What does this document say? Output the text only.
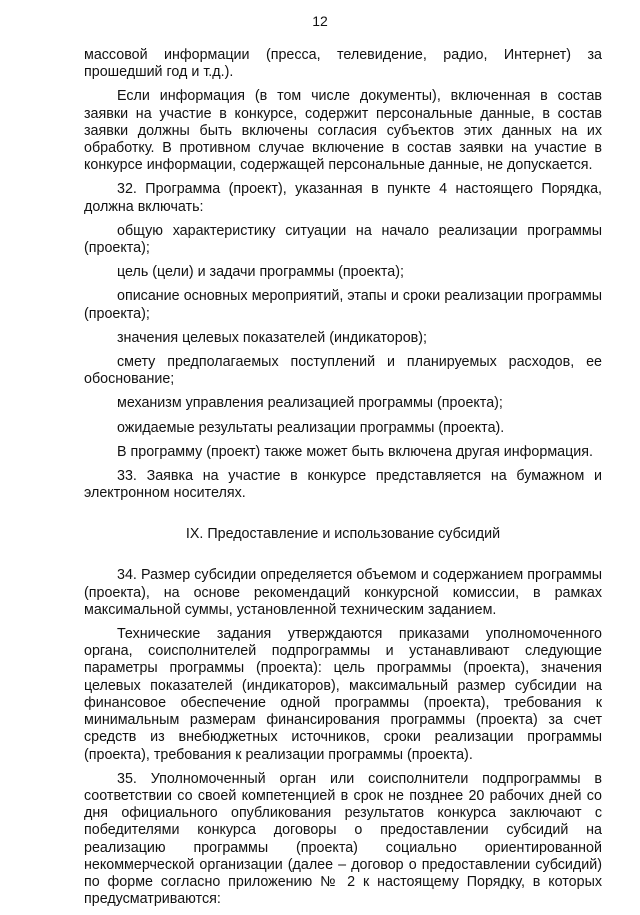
12

массовой информации (пресса, телевидение, радио, Интернет) за прошедший год и т.д.).

Если информация (в том числе документы), включенная в состав заявки на участие в конкурсе, содержит персональные данные, в состав заявки должны быть включены согласия субъектов этих данных на их обработку. В противном случае включение в состав заявки на участие в конкурсе информации, содержащей персональные данные, не допускается.

32. Программа (проект), указанная в пункте 4 настоящего Порядка, должна включать:

общую характеристику ситуации на начало реализации программы (проекта);

цель (цели) и задачи программы (проекта);

описание основных мероприятий, этапы и сроки реализации программы (проекта);

значения целевых показателей (индикаторов);

смету предполагаемых поступлений и планируемых расходов, ее обоснование;

механизм управления реализацией программы (проекта);

ожидаемые результаты реализации программы (проекта).

В программу (проект) также может быть включена другая информация.

33. Заявка на участие в конкурсе представляется на бумажном и электронном носителях.

IX. Предоставление и использование субсидий

34. Размер субсидии определяется объемом и содержанием программы (проекта), на основе рекомендаций конкурсной комиссии, в рамках максимальной суммы, установленной техническим заданием.

Технические задания утверждаются приказами уполномоченного органа, соисполнителей подпрограммы и устанавливают следующие параметры программы (проекта): цель программы (проекта), значения целевых показателей (индикаторов), максимальный размер субсидии на финансовое обеспечение одной программы (проекта), требования к минимальным размерам финансирования программы (проекта) за счет средств из внебюджетных источников, сроки реализации программы (проекта), требования к реализации программы (проекта).

35. Уполномоченный орган или соисполнители подпрограммы в соответствии со своей компетенцией в срок не позднее 20 рабочих дней со дня официального опубликования результатов конкурса заключают с победителями конкурса договоры о предоставлении субсидий на реализацию программы (проекта) социально ориентированной некоммерческой организации (далее – договор о предоставлении субсидий) по форме согласно приложению № 2 к настоящему Порядку, в которых предусматриваются:
